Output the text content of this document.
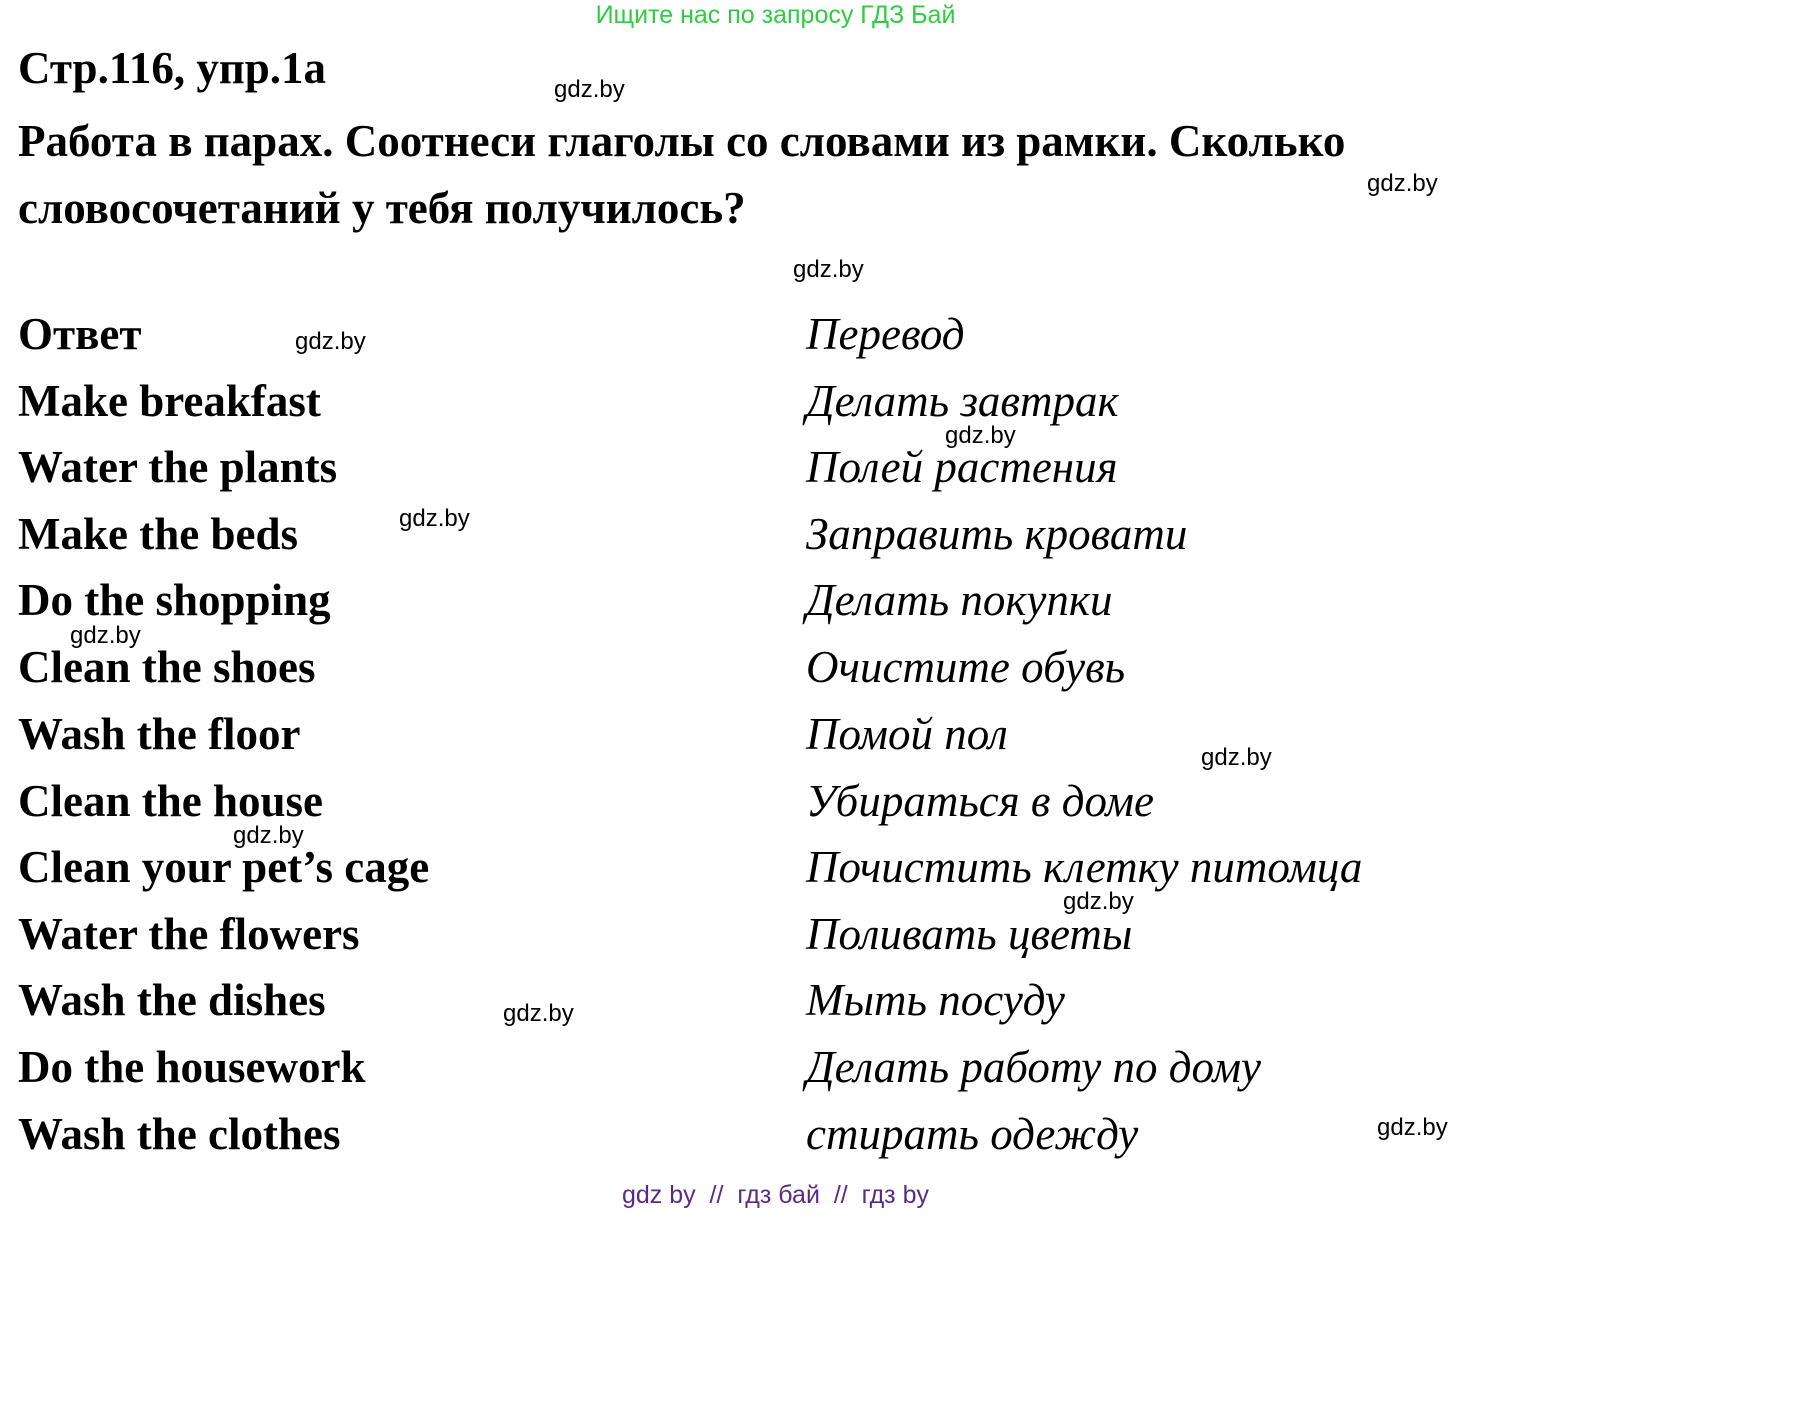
Ищите нас по запросу ГДЗ Бай
Стр.116, упр.1а
Работа в парах. Соотнеси глаголы со словами из рамки. Сколько словосочетаний у тебя получилось?
Ответ	Перевод
Make breakfast	Делать завтрак
Water the plants	Полей растения
Make the beds	Заправить кровати
Do the shopping	Делать покупки
Clean the shoes	Очистите обувь
Wash the floor	Помой пол
Clean the house	Убираться в доме
Clean your pet’s cage	Почистить клетку питомца
Water the flowers	Поливать цветы
Wash the dishes	Мыть посуду
Do the housework	Делать работу по дому
Wash the clothes	стирать одежду
gdz.by
gdz.by
gdz.by
gdz.by
gdz.by
gdz.by
gdz.by
gdz.by
gdz.by
gdz.by
gdz.by
gdz.by
gdz by  //  гдз бай  //  гдз by
